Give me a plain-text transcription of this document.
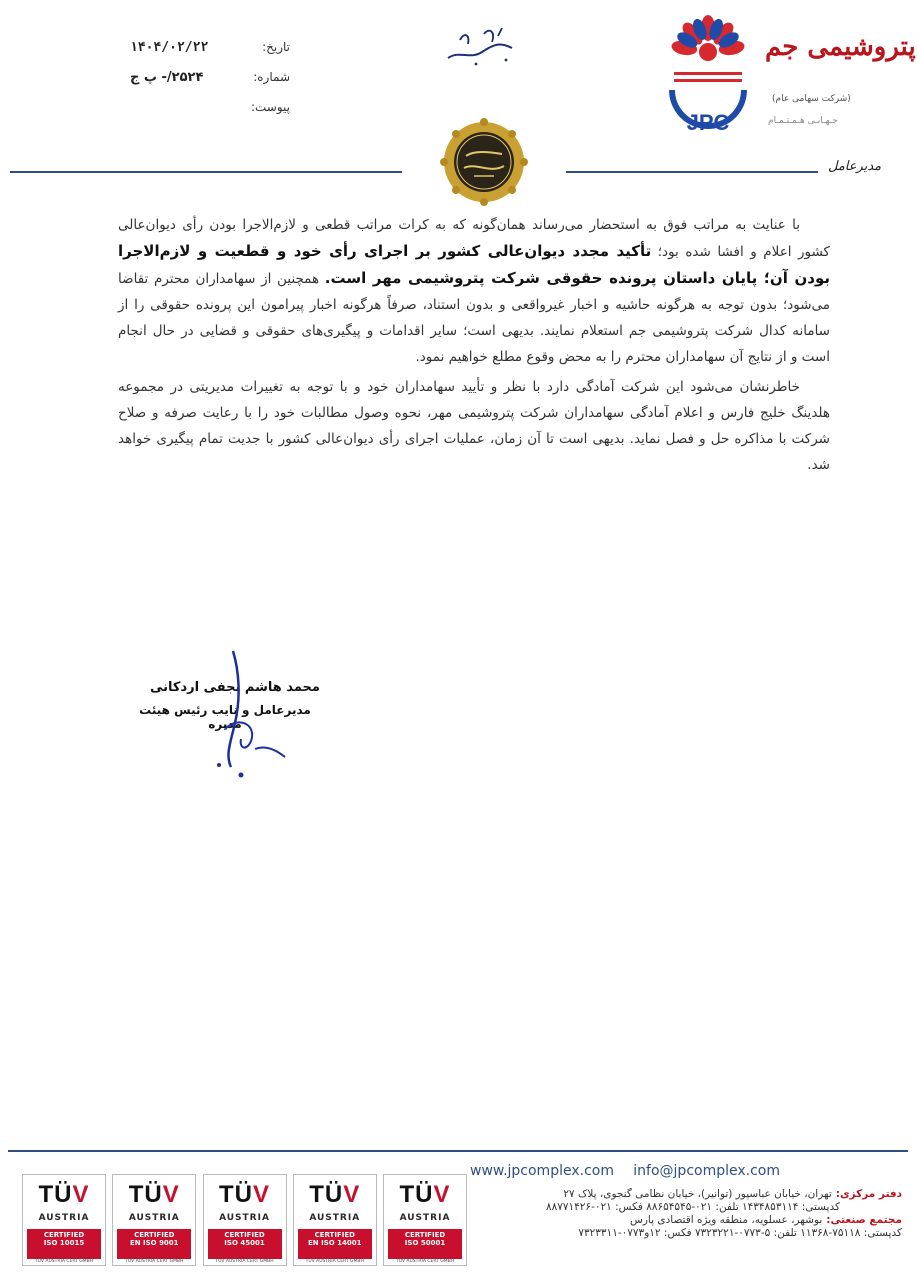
تاریخ:
۱۴۰۴/۰۲/۲۲
شماره:
۲۵۲۴/- پ ج
پیوست:
JPC
پتروشیمی جم
(شرکت سهامی عام)
جـهـانـی هـمـتـمـام
مدیرعامل

با عنایت به مراتب فوق به استحضار می‌رساند همان‌گونه که به کرات مراتب قطعی و لازم‌الاجرا بودن رأی دیوان‌عالی کشور اعلام و افشا شده بود؛ تأکید مجدد دیوان‌عالی کشور بر اجرای رأی خود و قطعیت و لازم‌الاجرا بودن آن؛ پایان داستان پرونده حقوقی شرکت پتروشیمی مهر است. همچنین از سهامداران محترم تقاضا می‌شود؛ بدون توجه به هرگونه حاشیه و اخبار غیرواقعی و بدون استناد، صرفاً هرگونه اخبار پیرامون این پرونده حقوقی را از سامانه کدال شرکت پتروشیمی جم استعلام نمایند. بدیهی است؛ سایر اقدامات و پیگیری‌های حقوقی و قضایی در حال انجام است و از نتایج آن سهامداران محترم را به محض وقوع مطلع خواهیم نمود.

خاطرنشان می‌شود این شرکت آمادگی دارد با نظر و تأیید سهامداران خود و با توجه به تغییرات مدیریتی در مجموعه هلدینگ خلیج فارس و اعلام آمادگی سهامداران شرکت پتروشیمی مهر، نحوه وصول مطالبات خود را با رعایت صرفه و صلاح شرکت با مذاکره حل و فصل نماید. بدیهی است تا آن زمان، عملیات اجرای رأی دیوان‌عالی کشور با جدیت تمام پیگیری خواهد شد.

محمد هاشم نجفی اردکانی
مدیرعامل و نایب رئیس هیئت مدیره
www.jpcomplex.com info@jpcomplex.com
دفتر مرکزی:تهران، خیابان عباسپور (توانیر)، خیابان نظامی گنجوی، پلاک ۲۷
کدپستی: ۱۴۳۴۸۵۳۱۱۴ تلفن: ۰۲۱-۸۸۶۵۴۵۴۵ فکس: ۰۲۱-۸۸۷۷۱۴۲۶
مجتمع صنعتی:بوشهر، عسلویه، منطقه ویژه اقتصادی پارس
کدپستی: ۷۵۱۱۸-۱۱۳۶۸ تلفن: ۵-۰۷۷۳-۷۳۲۳۲۲۱ فکس: ۱۲و۰۷۷۳-۷۳۲۳۳۱۱
TÜV
AUSTRIA
CERTIFIED
ISO 10015
TÜV AUSTRIA CERT GMBH
TÜV
AUSTRIA
CERTIFIED
EN ISO 9001
TÜV AUSTRIA CERT GMBH
TÜV
AUSTRIA
CERTIFIED
ISO 45001
TÜV AUSTRIA CERT GMBH
TÜV
AUSTRIA
CERTIFIED
EN ISO 14001
TÜV AUSTRIA CERT GMBH
TÜV
AUSTRIA
CERTIFIED
ISO 50001
TÜV AUSTRIA CERT GMBH
